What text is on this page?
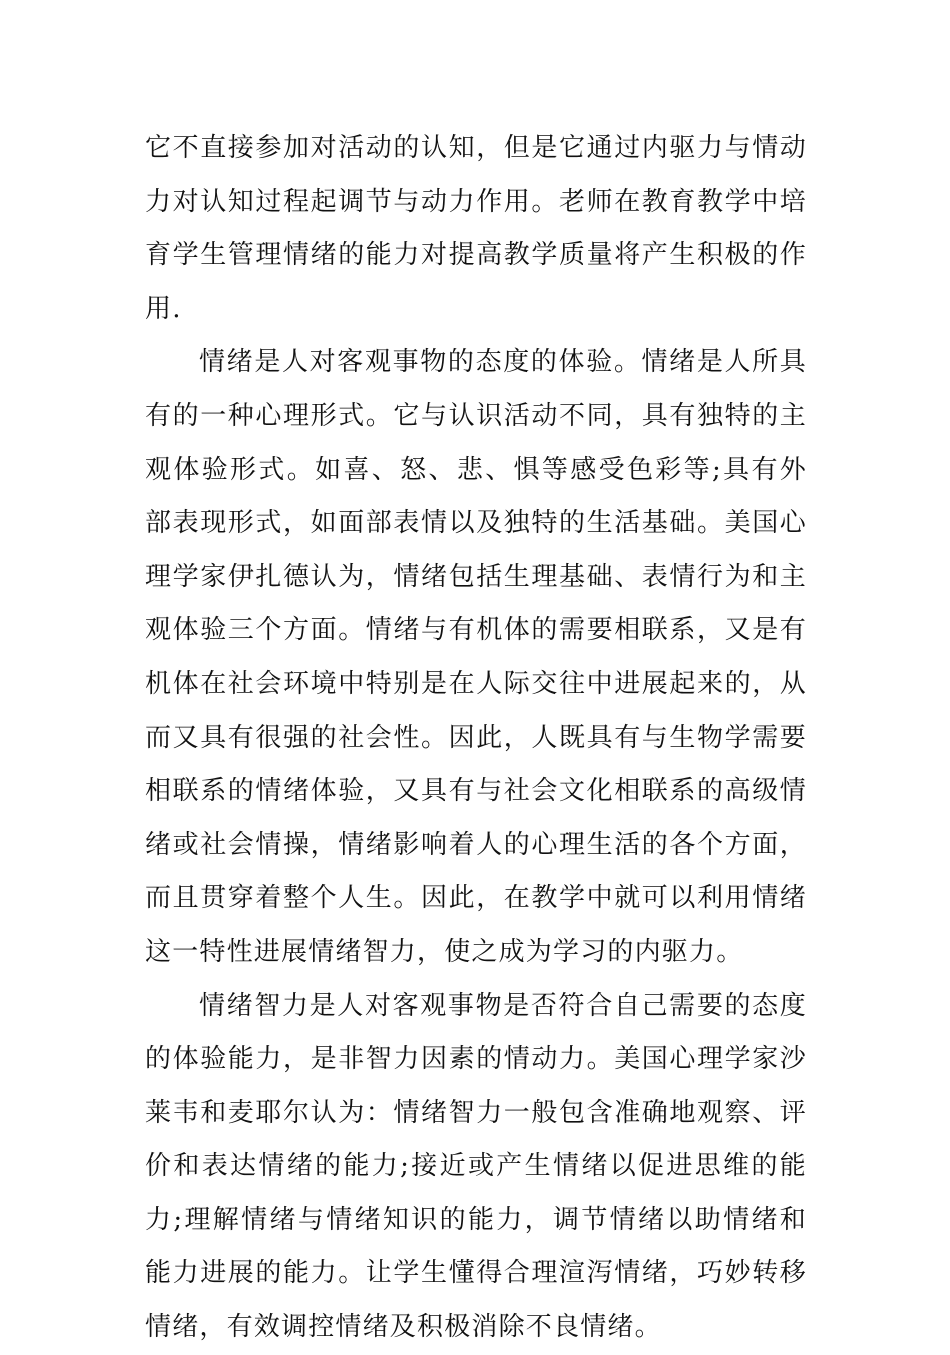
它不直接参加对活动的认知，但是它通过内驱力与情动力对认知过程起调节与动力作用。老师在教育教学中培育学生管理情绪的能力对提高教学质量将产生积极的作用.

情绪是人对客观事物的态度的体验。情绪是人所具有的一种心理形式。它与认识活动不同，具有独特的主观体验形式。如喜、怒、悲、惧等感受色彩等;具有外部表现形式，如面部表情以及独特的生活基础。美国心理学家伊扎德认为，情绪包括生理基础、表情行为和主观体验三个方面。情绪与有机体的需要相联系，又是有机体在社会环境中特别是在人际交往中进展起来的，从而又具有很强的社会性。因此，人既具有与生物学需要相联系的情绪体验，又具有与社会文化相联系的高级情绪或社会情操，情绪影响着人的心理生活的各个方面，而且贯穿着整个人生。因此，在教学中就可以利用情绪这一特性进展情绪智力，使之成为学习的内驱力。

情绪智力是人对客观事物是否符合自己需要的态度的体验能力，是非智力因素的情动力。美国心理学家沙莱韦和麦耶尔认为：情绪智力一般包含准确地观察、评价和表达情绪的能力;接近或产生情绪以促进思维的能力;理解情绪与情绪知识的能力，调节情绪以助情绪和能力进展的能力。让学生懂得合理渲泻情绪，巧妙转移情绪，有效调控情绪及积极消除不良情绪。
